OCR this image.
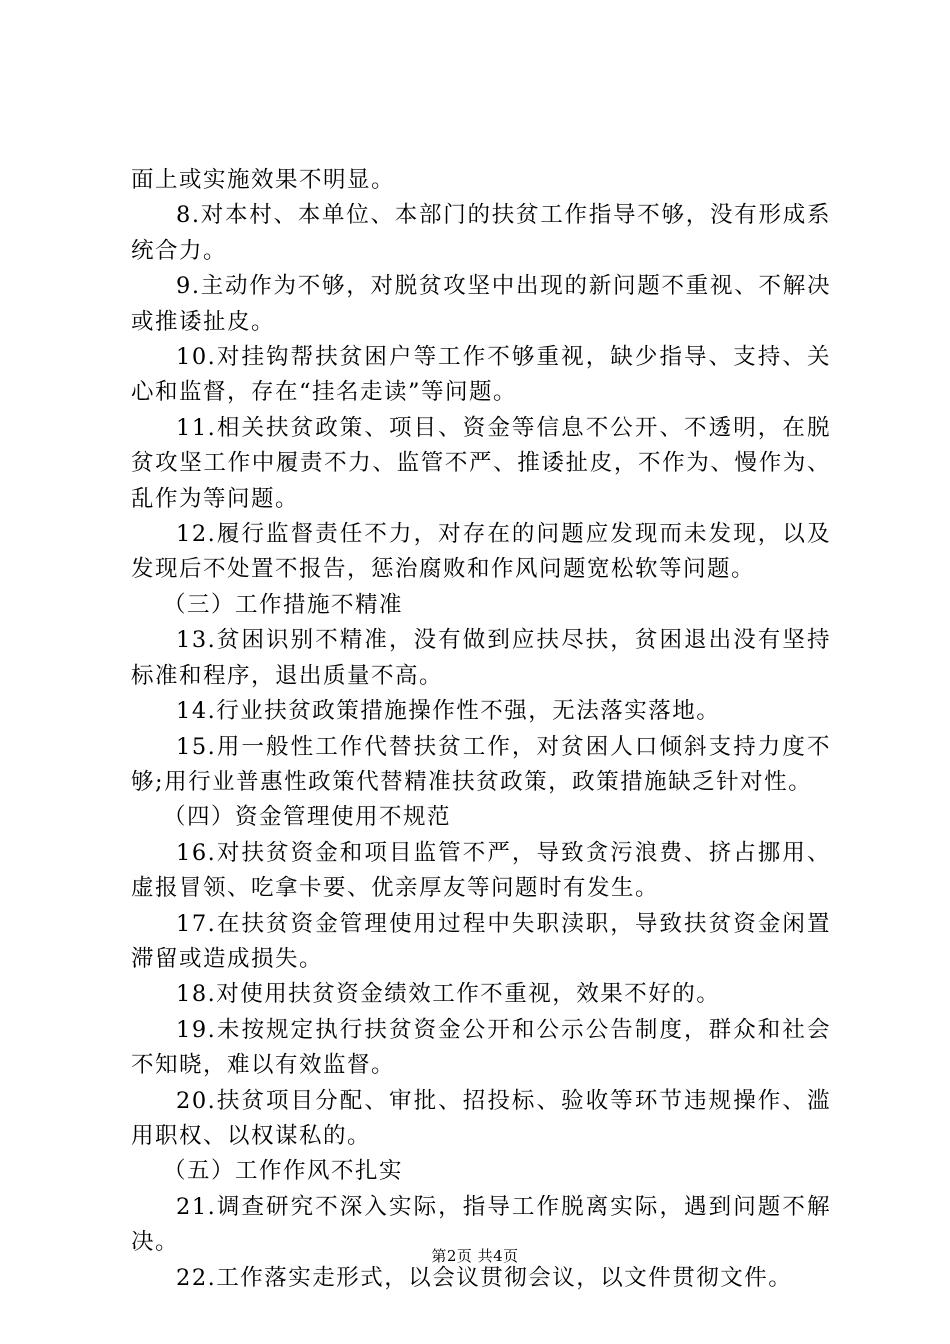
面上或实施效果不明显。

8.对本村、本单位、本部门的扶贫工作指导不够，没有形成系统合力。

9.主动作为不够，对脱贫攻坚中出现的新问题不重视、不解决或推诿扯皮。

10.对挂钩帮扶贫困户等工作不够重视，缺少指导、支持、关心和监督，存在“挂名走读”等问题。

11.相关扶贫政策、项目、资金等信息不公开、不透明，在脱贫攻坚工作中履责不力、监管不严、推诿扯皮，不作为、慢作为、乱作为等问题。

12.履行监督责任不力，对存在的问题应发现而未发现，以及发现后不处置不报告，惩治腐败和作风问题宽松软等问题。

（三）工作措施不精准

13.贫困识别不精准，没有做到应扶尽扶，贫困退出没有坚持标准和程序，退出质量不高。

14.行业扶贫政策措施操作性不强，无法落实落地。

15.用一般性工作代替扶贫工作，对贫困人口倾斜支持力度不够;用行业普惠性政策代替精准扶贫政策，政策措施缺乏针对性。

（四）资金管理使用不规范

16.对扶贫资金和项目监管不严，导致贪污浪费、挤占挪用、虚报冒领、吃拿卡要、优亲厚友等问题时有发生。

17.在扶贫资金管理使用过程中失职渎职，导致扶贫资金闲置滞留或造成损失。

18.对使用扶贫资金绩效工作不重视，效果不好的。

19.未按规定执行扶贫资金公开和公示公告制度，群众和社会不知晓，难以有效监督。

20.扶贫项目分配、审批、招投标、验收等环节违规操作、滥用职权、以权谋私的。

（五）工作作风不扎实

21.调查研究不深入实际，指导工作脱离实际，遇到问题不解决。

22.工作落实走形式，以会议贯彻会议，以文件贯彻文件。

第2页 共4页
